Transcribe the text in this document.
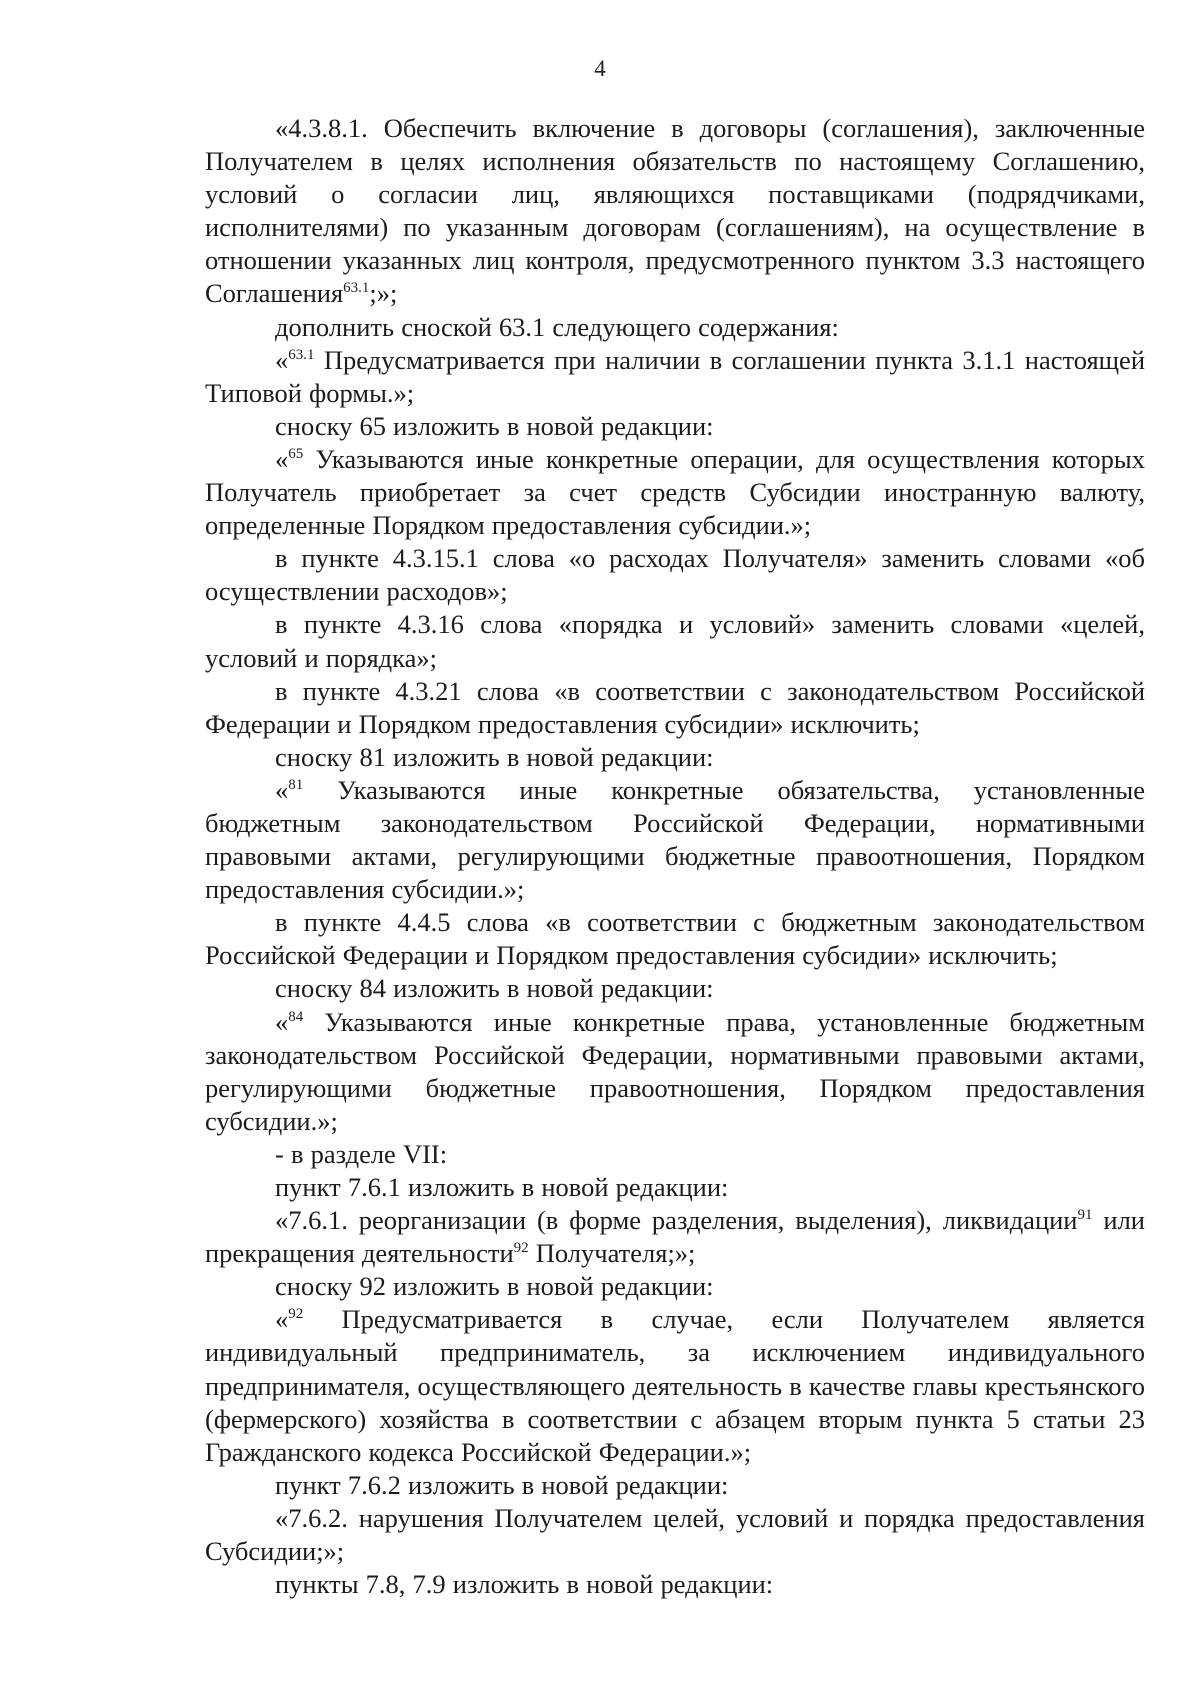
4

«4.3.8.1. Обеспечить включение в договоры (соглашения), заключенные Получателем в целях исполнения обязательств по настоящему Соглашению, условий о согласии лиц, являющихся поставщиками (подрядчиками, исполнителями) по указанным договорам (соглашениям), на осуществление в отношении указанных лиц контроля, предусмотренного пунктом 3.3 настоящего Соглашения$^{63.1}$;»;

дополнить сноской 63.1 следующего содержания:

«$^{63.1}$ Предусматривается при наличии в соглашении пункта 3.1.1 настоящей Типовой формы.»;

сноску 65 изложить в новой редакции:

«$^{65}$ Указываются иные конкретные операции, для осуществления которых Получатель приобретает за счет средств Субсидии иностранную валюту, определенные Порядком предоставления субсидии.»;

в пункте 4.3.15.1 слова «о расходах Получателя» заменить словами «об осуществлении расходов»;

в пункте 4.3.16 слова «порядка и условий» заменить словами «целей, условий и порядка»;

в пункте 4.3.21 слова «в соответствии с законодательством Российской Федерации и Порядком предоставления субсидии» исключить;

сноску 81 изложить в новой редакции:

«$^{81}$ Указываются иные конкретные обязательства, установленные бюджетным законодательством Российской Федерации, нормативными правовыми актами, регулирующими бюджетные правоотношения, Порядком предоставления субсидии.»;

в пункте 4.4.5 слова «в соответствии с бюджетным законодательством Российской Федерации и Порядком предоставления субсидии» исключить;

сноску 84 изложить в новой редакции:

«$^{84}$ Указываются иные конкретные права, установленные бюджетным законодательством Российской Федерации, нормативными правовыми актами, регулирующими бюджетные правоотношения, Порядком предоставления субсидии.»;

- в разделе VII:

пункт 7.6.1 изложить в новой редакции:

«7.6.1. реорганизации (в форме разделения, выделения), ликвидации$^{91}$ или прекращения деятельности$^{92}$ Получателя;»;

сноску 92 изложить в новой редакции:

«$^{92}$ Предусматривается в случае, если Получателем является индивидуальный предприниматель, за исключением индивидуального предпринимателя, осуществляющего деятельность в качестве главы крестьянского (фермерского) хозяйства в соответствии с абзацем вторым пункта 5 статьи 23 Гражданского кодекса Российской Федерации.»;

пункт 7.6.2 изложить в новой редакции:

«7.6.2. нарушения Получателем целей, условий и порядка предоставления Субсидии;»;

пункты 7.8, 7.9 изложить в новой редакции:
